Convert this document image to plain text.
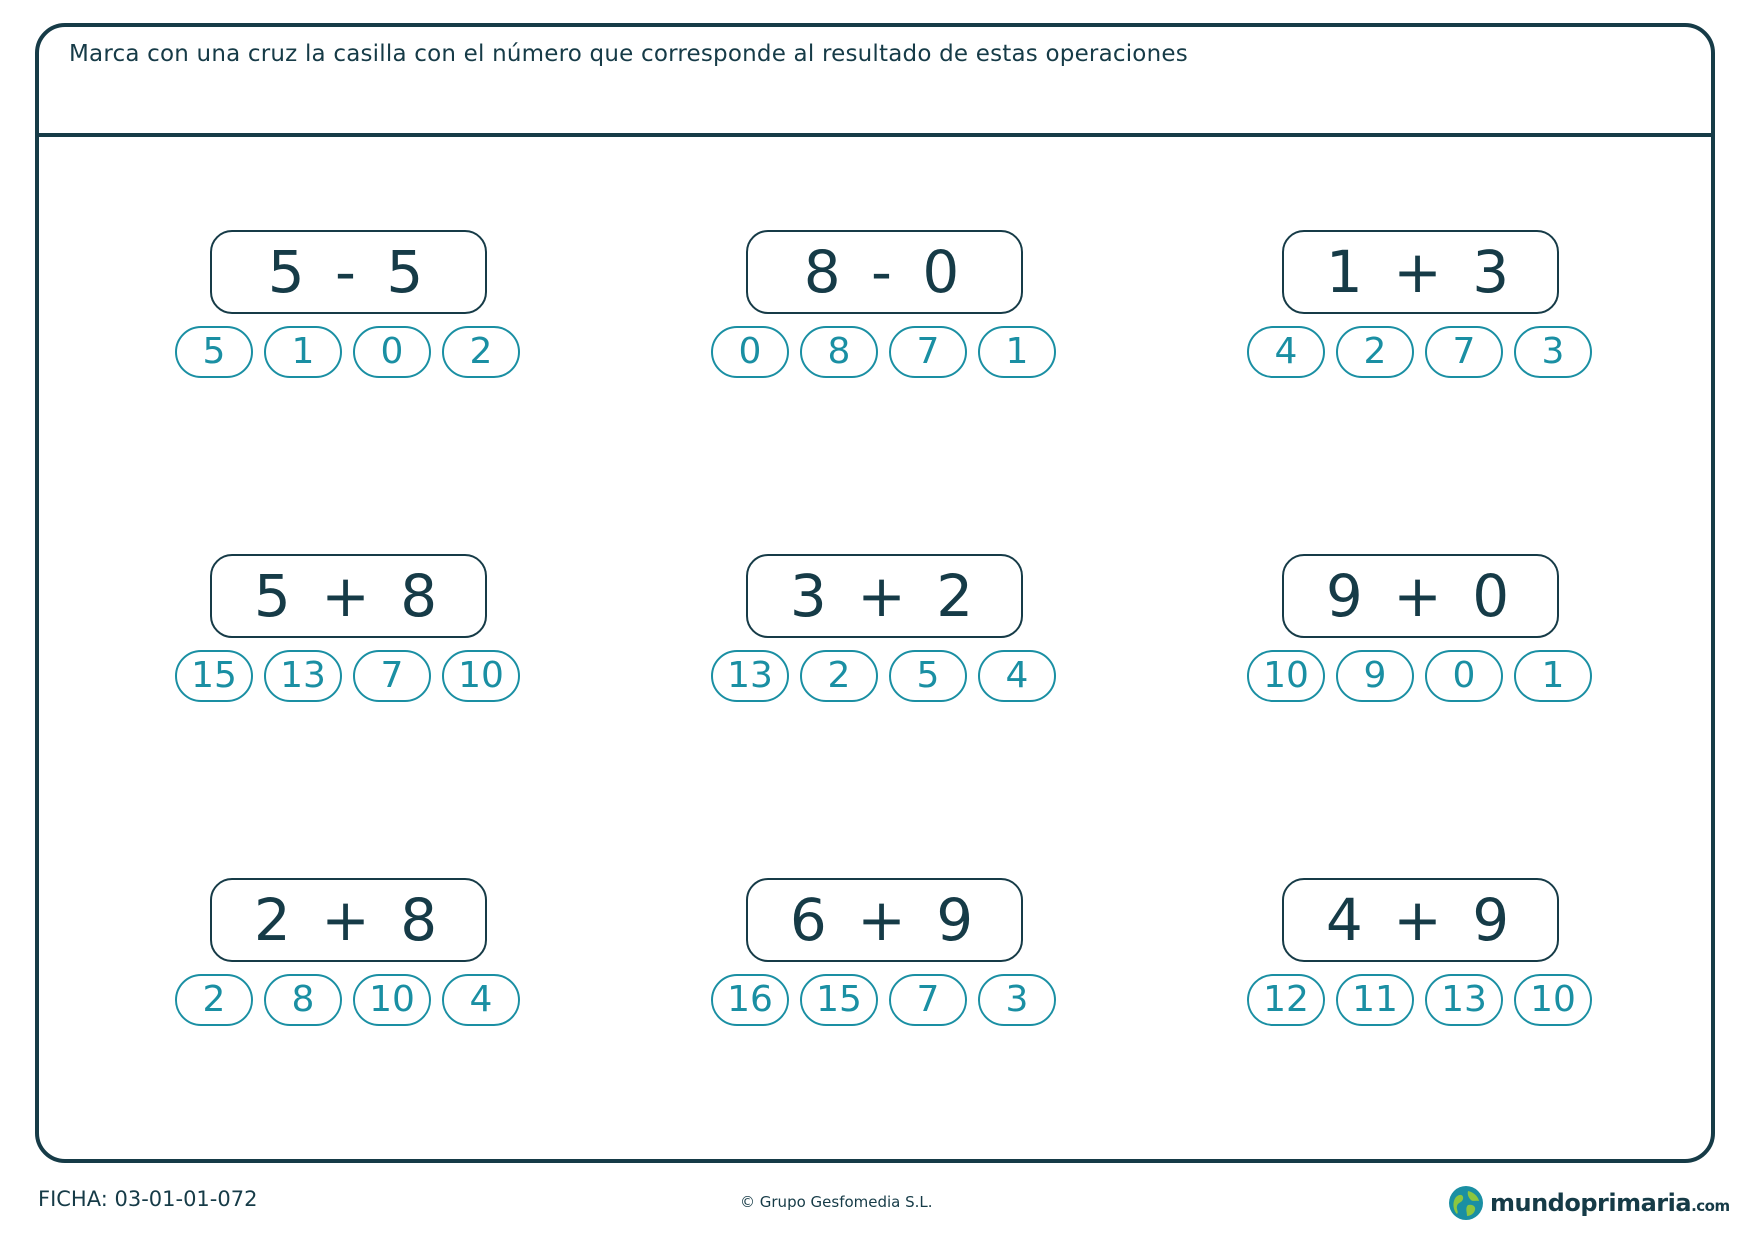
Marca con una cruz la casilla con el número que corresponde al resultado de estas operaciones
5 - 5
5	1	0	2
8 - 0
0	8	7	1
1 + 3
4	2	7	3
5 + 8
15	13	7	10
3 + 2
13	2	5	4
9 + 0
10	9	0	1
2 + 8
2	8	10	4
6 + 9
16	15	7	3
4 + 9
12	11	13	10
FICHA: 03-01-01-072	© Grupo Gesfomedia S.L.	mundoprimaria.com
